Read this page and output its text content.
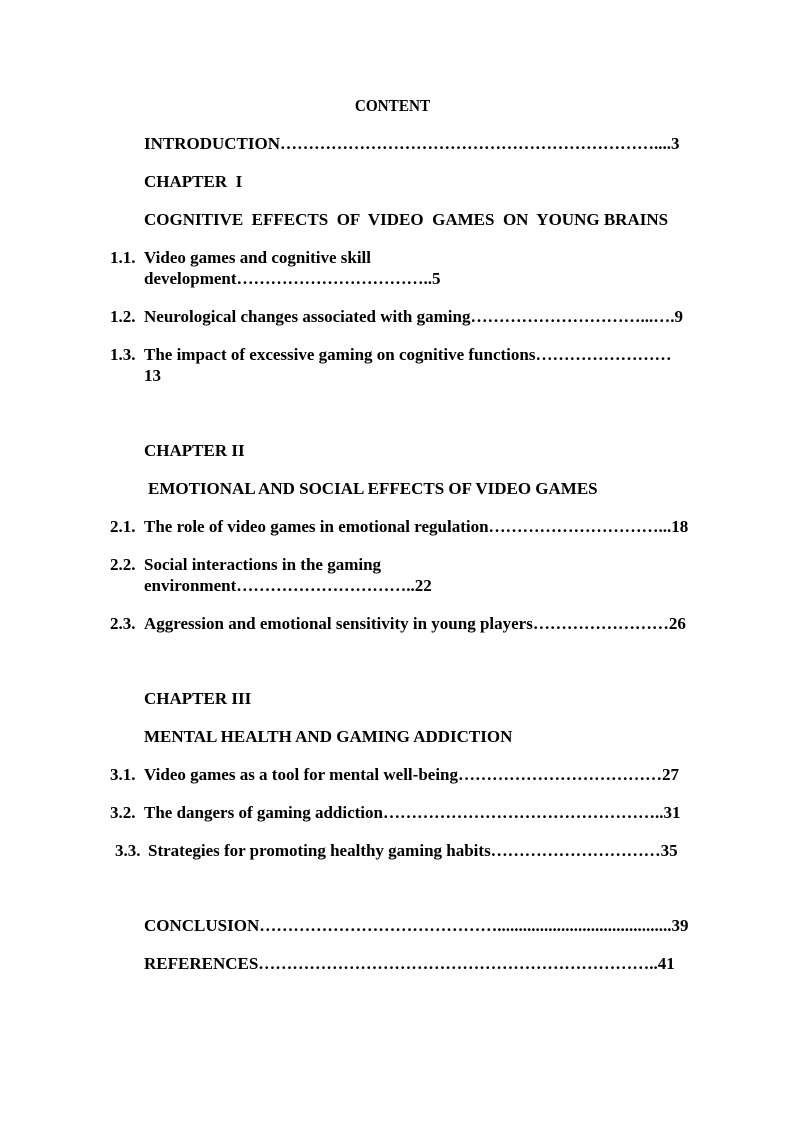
CONTENT
INTRODUCTION…………………………………………………………....3
CHAPTER  I
COGNITIVE  EFFECTS  OF  VIDEO  GAMES  ON  YOUNG BRAINS
1.1. Video games and cognitive skill
development……………………………..5
1.2. Neurological changes associated with gaming…………………………...….9
1.3. The impact of excessive gaming on cognitive functions……………………
13
CHAPTER II
EMOTIONAL AND SOCIAL EFFECTS OF VIDEO GAMES
2.1. The role of video games in emotional regulation…………………………...18
2.2. Social interactions in the gaming
environment…………………………..22
2.3. Aggression and emotional sensitivity in young players……………………26
CHAPTER III
MENTAL HEALTH AND GAMING ADDICTION
3.1. Video games as a tool for mental well-being………………………………27
3.2. The dangers of gaming addiction…………………………………………..31
3.3. Strategies for promoting healthy gaming habits…………………………35
CONCLUSION…………………………………….........................................39
REFERENCES……………………………………………………………..41
